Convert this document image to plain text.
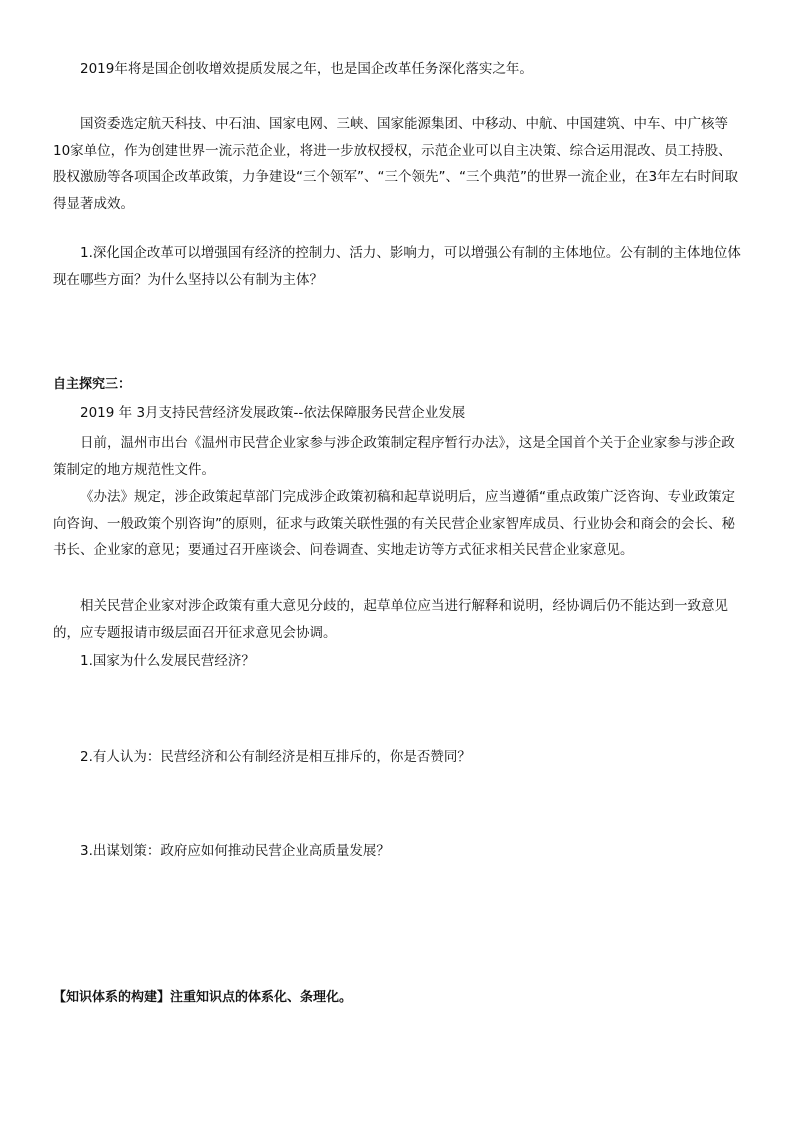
2019年将是国企创收增效提质发展之年，也是国企改革任务深化落实之年。

国资委选定航天科技、中石油、国家电网、三峡、国家能源集团、中移动、中航、中国建筑、中车、中广核等10家单位，作为创建世界一流示范企业，将进一步放权授权，示范企业可以自主决策、综合运用混改、员工持股、股权激励等各项国企改革政策，力争建设“三个领军”、“三个领先”、“三个典范”的世界一流企业，在3年左右时间取得显著成效。

1.深化国企改革可以增强国有经济的控制力、活力、影响力，可以增强公有制的主体地位。公有制的主体地位体现在哪些方面？为什么坚持以公有制为主体？

自主探究三：

2019 年 3月支持民营经济发展政策--依法保障服务民营企业发展

日前，温州市出台《温州市民营企业家参与涉企政策制定程序暂行办法》，这是全国首个关于企业家参与涉企政策制定的地方规范性文件。

《办法》规定，涉企政策起草部门完成涉企政策初稿和起草说明后，应当遵循“重点政策广泛咨询、专业政策定向咨询、一般政策个别咨询”的原则，征求与政策关联性强的有关民营企业家智库成员、行业协会和商会的会长、秘书长、企业家的意见；要通过召开座谈会、问卷调查、实地走访等方式征求相关民营企业家意见。

相关民营企业家对涉企政策有重大意见分歧的，起草单位应当进行解释和说明，经协调后仍不能达到一致意见的，应专题报请市级层面召开征求意见会协调。

1.国家为什么发展民营经济？

2.有人认为：民营经济和公有制经济是相互排斥的，你是否赞同？

3.出谋划策：政府应如何推动民营企业高质量发展？

【知识体系的构建】注重知识点的体系化、条理化。
